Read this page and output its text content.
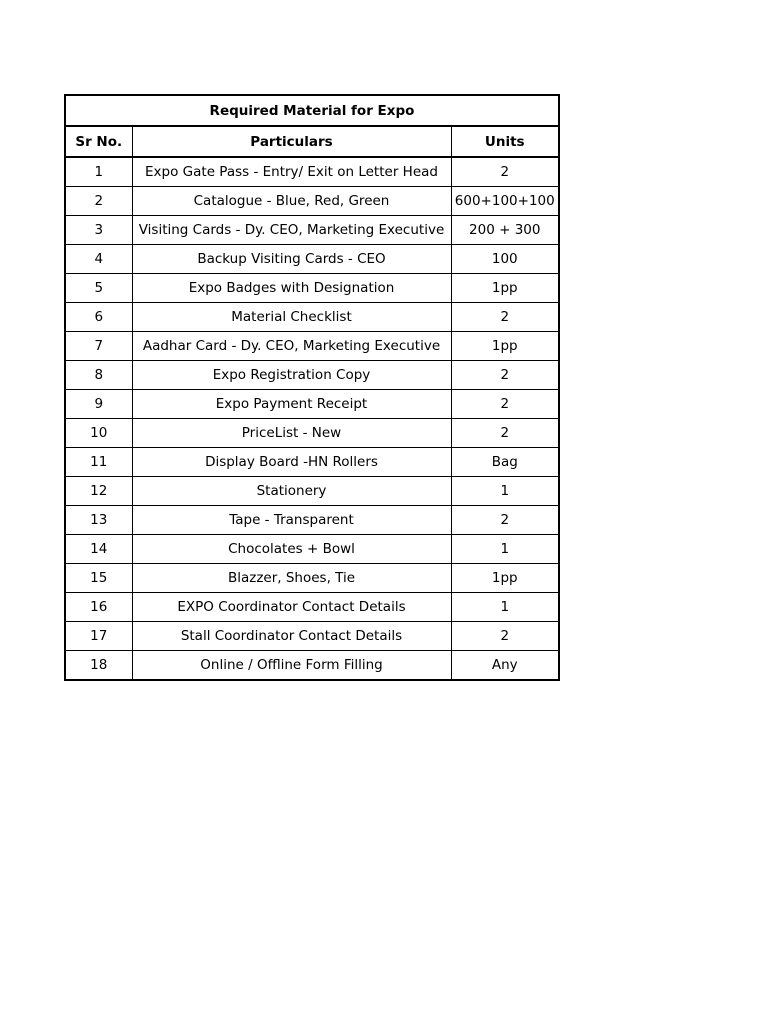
Required Material for Expo		
Sr No.	Particulars	Units
1	Expo Gate Pass - Entry/ Exit on Letter Head	2

2	Catalogue - Blue, Red, Green	600+100+100

3	Visiting Cards - Dy. CEO, Marketing Executive	200 + 300

4	Backup Visiting Cards - CEO	100

5	Expo Badges with Designation	1pp

6	Material Checklist	2

7	Aadhar Card - Dy. CEO, Marketing Executive	1pp

8	Expo Registration Copy	2

9	Expo Payment Receipt	2

10	PriceList - New	2

11	Display Board -HN Rollers	Bag

12	Stationery	1

13	Tape - Transparent	2

14	Chocolates + Bowl	1

15	Blazzer, Shoes, Tie	1pp

16	EXPO Coordinator Contact Details	1

17	Stall Coordinator Contact Details	2

18	Online / Offline Form Filling	Any
